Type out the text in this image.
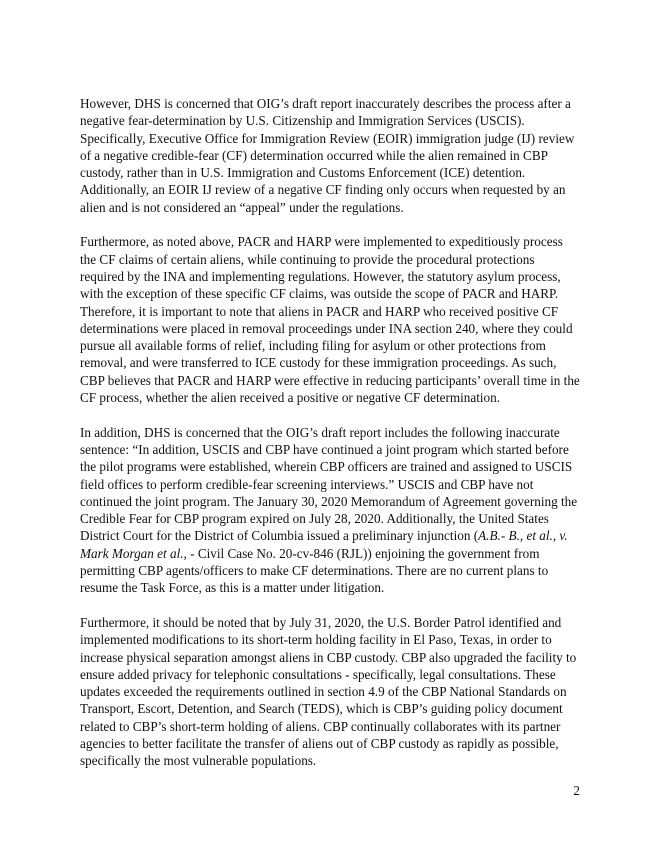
However, DHS is concerned that OIG’s draft report inaccurately describes the process after a negative fear-determination by U.S. Citizenship and Immigration Services (USCIS). Specifically, Executive Office for Immigration Review (EOIR) immigration judge (IJ) review of a negative credible-fear (CF) determination occurred while the alien remained in CBP custody, rather than in U.S. Immigration and Customs Enforcement (ICE) detention. Additionally, an EOIR IJ review of a negative CF finding only occurs when requested by an alien and is not considered an “appeal” under the regulations.

Furthermore, as noted above, PACR and HARP were implemented to expeditiously process the CF claims of certain aliens, while continuing to provide the procedural protections required by the INA and implementing regulations. However, the statutory asylum process, with the exception of these specific CF claims, was outside the scope of PACR and HARP. Therefore, it is important to note that aliens in PACR and HARP who received positive CF determinations were placed in removal proceedings under INA section 240, where they could pursue all available forms of relief, including filing for asylum or other protections from removal, and were transferred to ICE custody for these immigration proceedings. As such, CBP believes that PACR and HARP were effective in reducing participants’ overall time in the CF process, whether the alien received a positive or negative CF determination.

In addition, DHS is concerned that the OIG’s draft report includes the following inaccurate sentence: “In addition, USCIS and CBP have continued a joint program which started before the pilot programs were established, wherein CBP officers are trained and assigned to USCIS field offices to perform credible-fear screening interviews.” USCIS and CBP have not continued the joint program. The January 30, 2020 Memorandum of Agreement governing the Credible Fear for CBP program expired on July 28, 2020. Additionally, the United States District Court for the District of Columbia issued a preliminary injunction (A.B.- B., et al., v. Mark Morgan et al., - Civil Case No. 20-cv-846 (RJL)) enjoining the government from permitting CBP agents/officers to make CF determinations. There are no current plans to resume the Task Force, as this is a matter under litigation.

Furthermore, it should be noted that by July 31, 2020, the U.S. Border Patrol identified and implemented modifications to its short-term holding facility in El Paso, Texas, in order to increase physical separation amongst aliens in CBP custody. CBP also upgraded the facility to ensure added privacy for telephonic consultations - specifically, legal consultations. These updates exceeded the requirements outlined in section 4.9 of the CBP National Standards on Transport, Escort, Detention, and Search (TEDS), which is CBP’s guiding policy document related to CBP’s short-term holding of aliens. CBP continually collaborates with its partner agencies to better facilitate the transfer of aliens out of CBP custody as rapidly as possible, specifically the most vulnerable populations.

2
